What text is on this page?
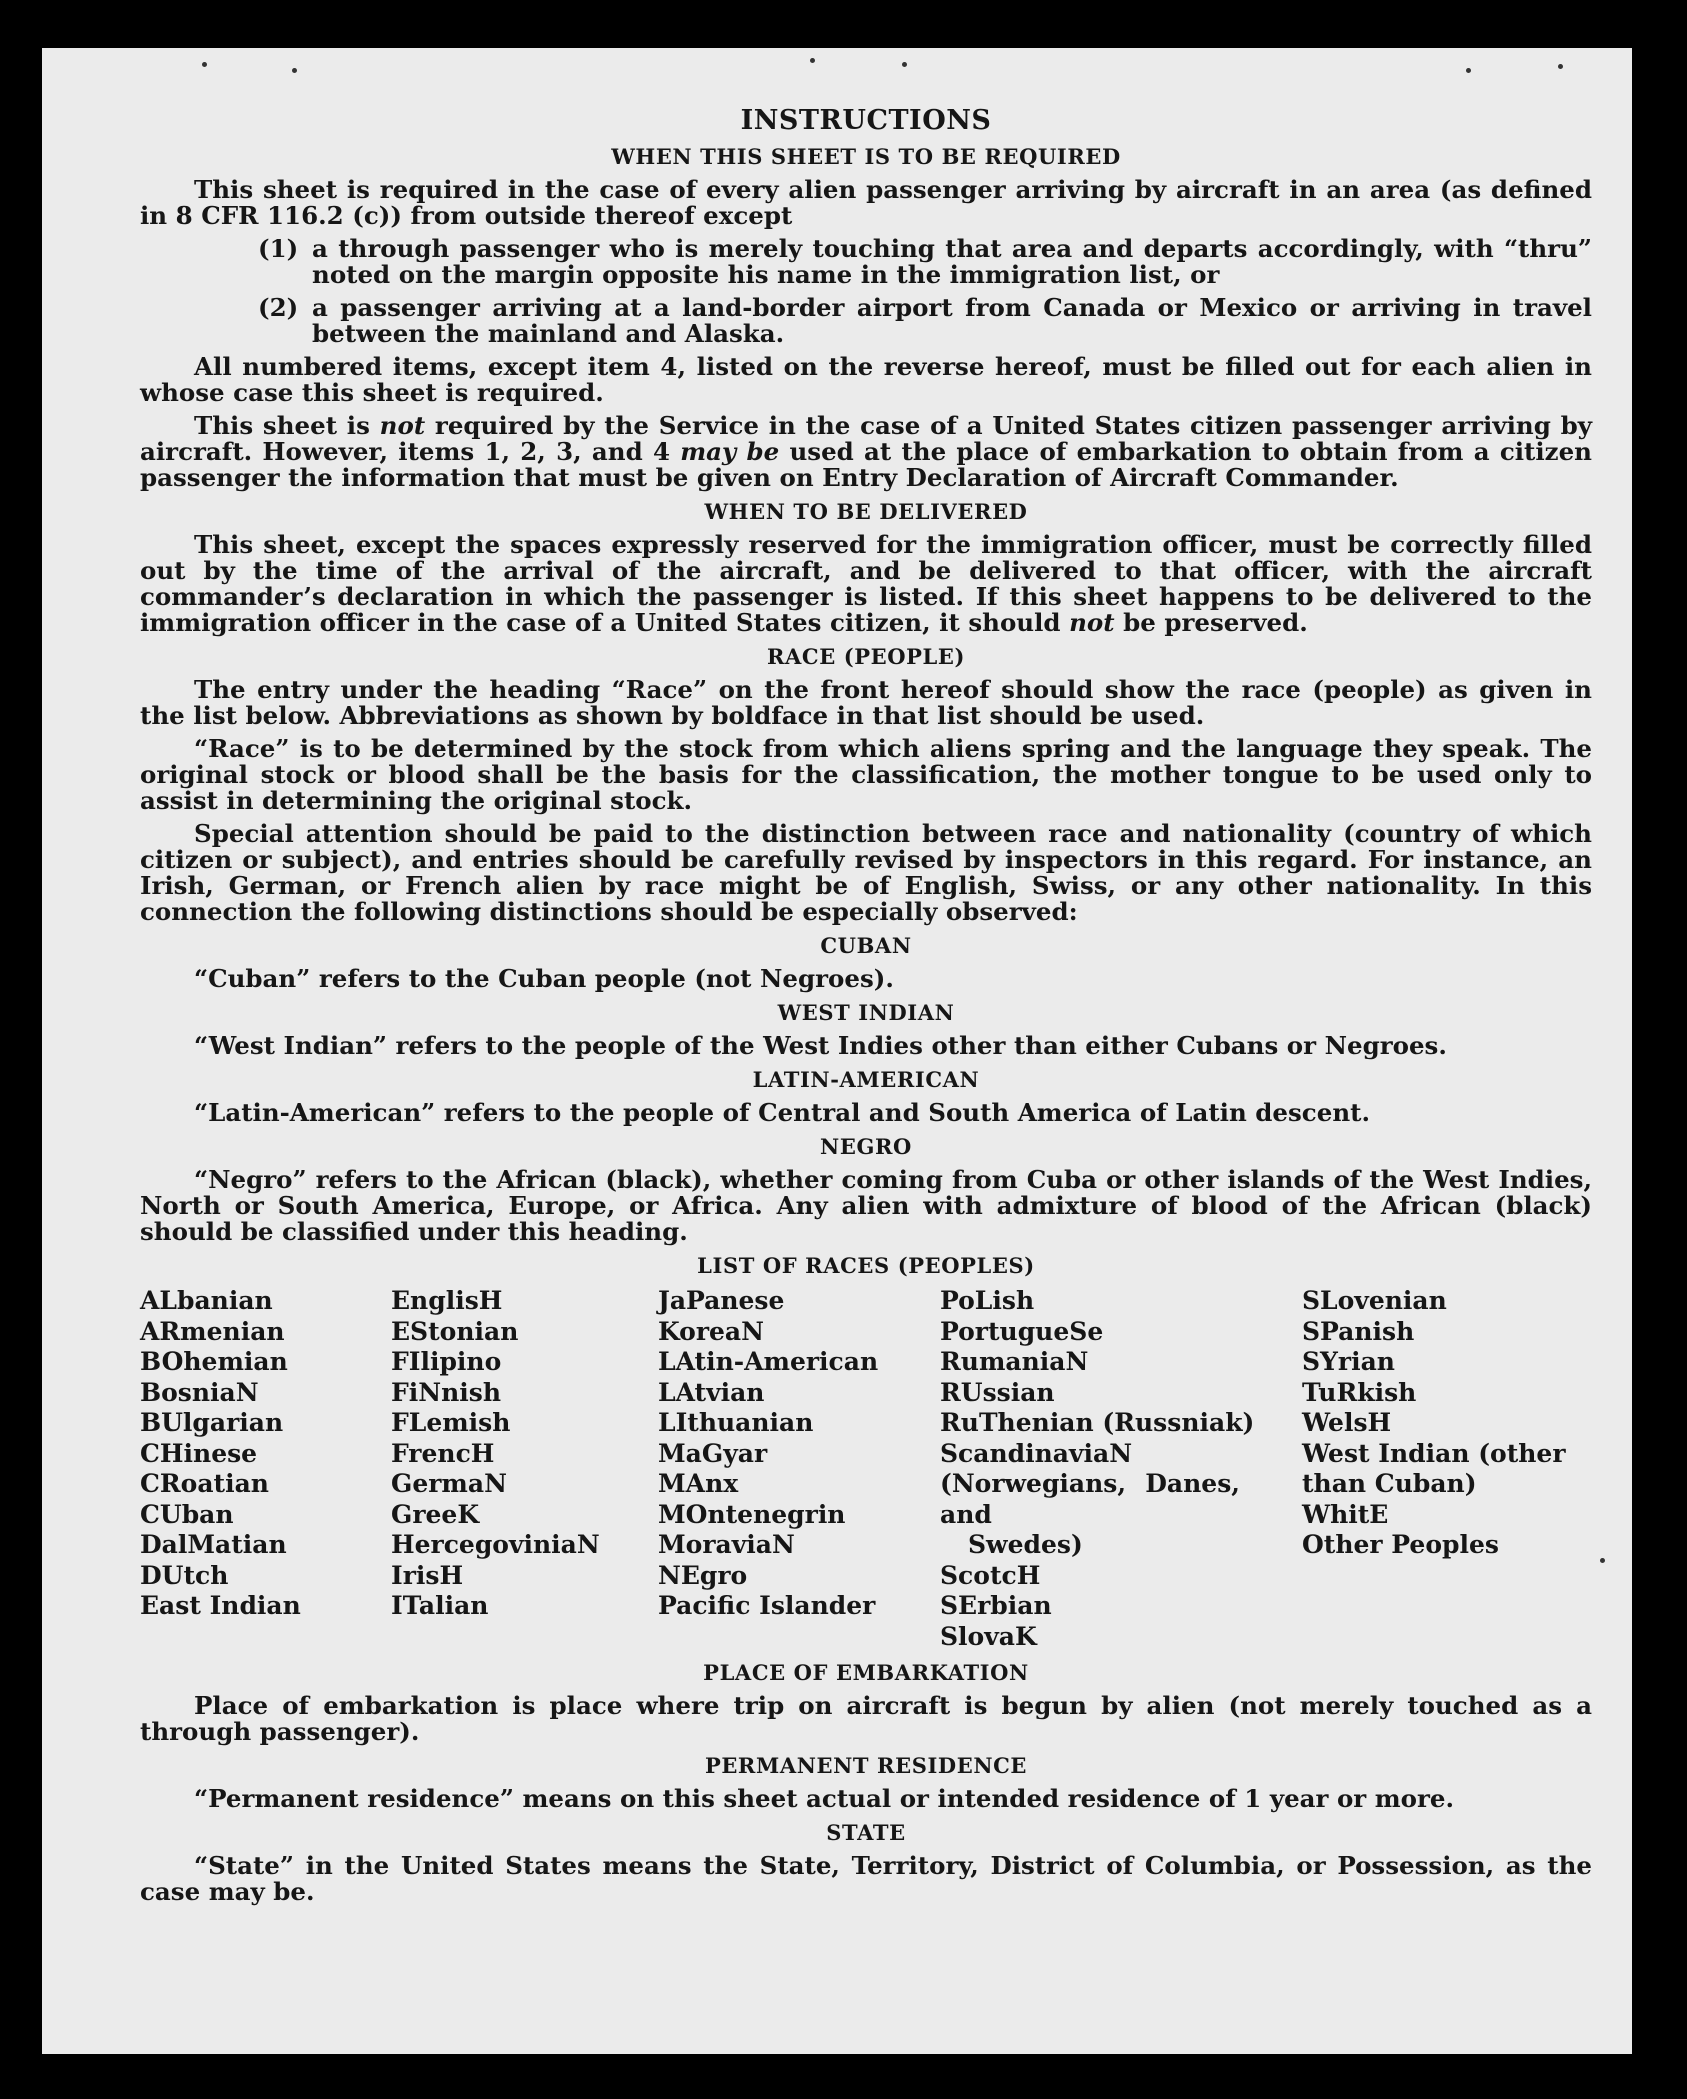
INSTRUCTIONS
WHEN THIS SHEET IS TO BE REQUIRED

This sheet is required in the case of every alien passenger arriving by aircraft in an area (as defined in 8 CFR 116.2 (c)) from outside thereof except

(1) a through passenger who is merely touching that area and departs accordingly, with “thru” noted on the margin opposite his name in the immigration list, or
(2) a passenger arriving at a land-border airport from Canada or Mexico or arriving in travel between the mainland and Alaska.

All numbered items, except item 4, listed on the reverse hereof, must be filled out for each alien in whose case this sheet is required.

This sheet is not required by the Service in the case of a United States citizen passenger arriving by aircraft. However, items 1, 2, 3, and 4 may be used at the place of embarkation to obtain from a citizen passenger the information that must be given on Entry Declaration of Aircraft Commander.

WHEN TO BE DELIVERED

This sheet, except the spaces expressly reserved for the immigration officer, must be correctly filled out by the time of the arrival of the aircraft, and be delivered to that officer, with the aircraft commander’s declaration in which the passenger is listed. If this sheet happens to be delivered to the immigration officer in the case of a United States citizen, it should not be preserved.

RACE (PEOPLE)

The entry under the heading “Race” on the front hereof should show the race (people) as given in the list below. Abbreviations as shown by boldface in that list should be used.

“Race” is to be determined by the stock from which aliens spring and the language they speak. The original stock or blood shall be the basis for the classification, the mother tongue to be used only to assist in determining the original stock.

Special attention should be paid to the distinction between race and nationality (country of which citizen or subject), and entries should be carefully revised by inspectors in this regard. For instance, an Irish, German, or French alien by race might be of English, Swiss, or any other nationality. In this connection the following distinctions should be especially observed:

CUBAN

“Cuban” refers to the Cuban people (not Negroes).

WEST INDIAN

“West Indian” refers to the people of the West Indies other than either Cubans or Negroes.

LATIN-AMERICAN

“Latin-American” refers to the people of Central and South America of Latin descent.

NEGRO

“Negro” refers to the African (black), whether coming from Cuba or other islands of the West Indies, North or South America, Europe, or Africa. Any alien with admixture of blood of the African (black) should be classified under this heading.

LIST OF RACES (PEOPLES)
ALbanian
ARmenian
BOhemian
BosniaN
BUlgarian
CHinese
CRoatian
CUban
DalMatian
DUtch
East Indian
EnglisH
EStonian
FIlipino
FiNnish
FLemish
FrencH
GermaN
GreeK
HercegoviniaN
IrisH
ITalian
JaPanese
KoreaN
LAtin-American
LAtvian
LIthuanian
MaGyar
MAnx
MOntenegrin
MoraviaN
NEgro
Pacific Islander
PoLish
PortugueSe
RumaniaN
RUssian
RuThenian (Russniak)
ScandinaviaN (Norwegians, Danes, and
Swedes)
ScotcH
SErbian
SlovaK
SLovenian
SPanish
SYrian
TuRkish
WelsH
West Indian (other
than Cuban)
WhitE
Other Peoples
PLACE OF EMBARKATION

Place of embarkation is place where trip on aircraft is begun by alien (not merely touched as a through passenger).

PERMANENT RESIDENCE

“Permanent residence” means on this sheet actual or intended residence of 1 year or more.

STATE

“State” in the United States means the State, Territory, District of Columbia, or Possession, as the case may be.
